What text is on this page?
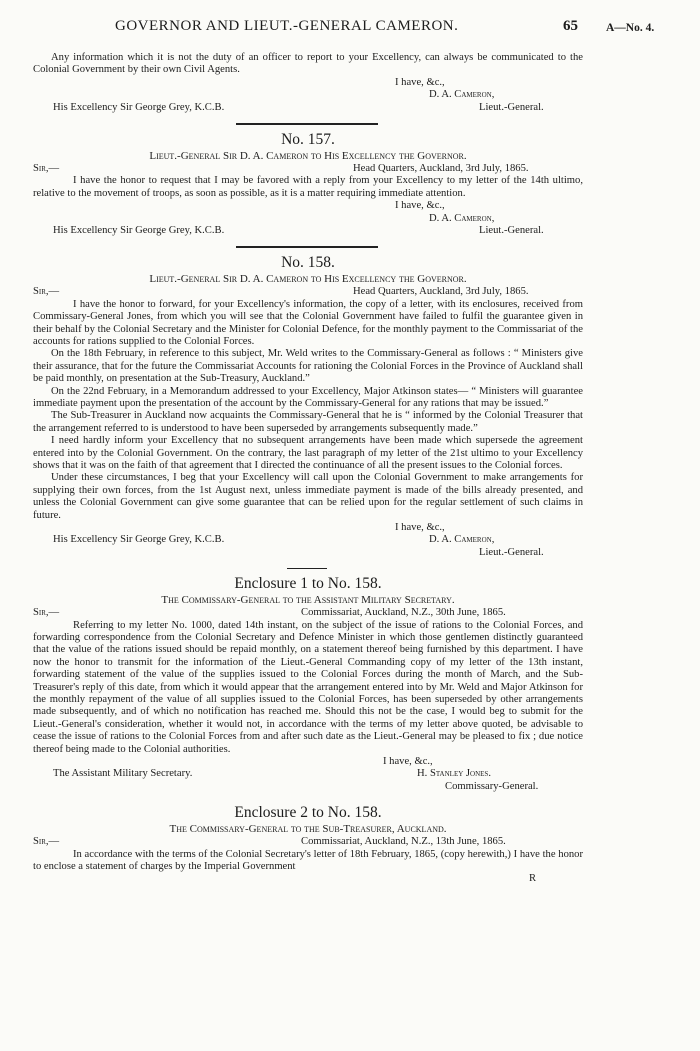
GOVERNOR AND LIEUT.-GENERAL CAMERON.	65 A—No. 4.

Any information which it is not the duty of an officer to report to your Excellency, can always be communicated to the Colonial Government by their own Civil Agents.

I have, &c.,
D. A. Cameron,
His Excellency Sir George Grey, K.C.B.	Lieut.-General.
No. 157.
Lieut.-General Sir D. A. Cameron to His Excellency the Governor.
Sir,—	Head Quarters, Auckland, 3rd July, 1865.

I have the honor to request that I may be favored with a reply from your Excellency to my letter of the 14th ultimo, relative to the movement of troops, as soon as possible, as it is a matter requiring immediate attention.

I have, &c.,
D. A. Cameron,
His Excellency Sir George Grey, K.C.B.	Lieut.-General.
No. 158.
Lieut.-General Sir D. A. Cameron to His Excellency the Governor.
Sir,—	Head Quarters, Auckland, 3rd July, 1865.

I have the honor to forward, for your Excellency's information, the copy of a letter, with its enclosures, received from Commissary-General Jones, from which you will see that the Colonial Government have failed to fulfil the guarantee given in their behalf by the Colonial Secretary and the Minister for Colonial Defence, for the monthly payment to the Commissariat of the accounts for rations supplied to the Colonial Forces.

On the 18th February, in reference to this subject, Mr. Weld writes to the Commissary-General as follows : “ Ministers give their assurance, that for the future the Commissariat Accounts for rationing the Colonial Forces in the Province of Auckland shall be paid monthly, on presentation at the Sub-Treasury, Auckland.”

On the 22nd February, in a Memorandum addressed to your Excellency, Major Atkinson states— “ Ministers will guarantee immediate payment upon the presentation of the account by the Commissary-General for any rations that may be issued.”

The Sub-Treasurer in Auckland now acquaints the Commissary-General that he is “ informed by the Colonial Treasurer that the arrangement referred to is understood to have been superseded by arrangements subsequently made.”

I need hardly inform your Excellency that no subsequent arrangements have been made which supersede the agreement entered into by the Colonial Government. On the contrary, the last paragraph of my letter of the 21st ultimo to your Excellency shows that it was on the faith of that agreement that I directed the continuance of all the present issues to the Colonial forces.

Under these circumstances, I beg that your Excellency will call upon the Colonial Government to make arrangements for supplying their own forces, from the 1st August next, unless immediate payment is made of the bills already presented, and unless the Colonial Government can give some guarantee that can be relied upon for the regular settlement of such claims in future.

I have, &c.,
His Excellency Sir George Grey, K.C.B.	D. A. Cameron,
Lieut.-General.
Enclosure 1 to No. 158.
The Commissary-General to the Assistant Military Secretary.
Sir,—	Commissariat, Auckland, N.Z., 30th June, 1865.

Referring to my letter No. 1000, dated 14th instant, on the subject of the issue of rations to the Colonial Forces, and forwarding correspondence from the Colonial Secretary and Defence Minister in which those gentlemen distinctly guaranteed that the value of the rations issued should be repaid monthly, on a statement thereof being furnished by this department. I have now the honor to transmit for the information of the Lieut.-General Commanding copy of my letter of the 13th instant, forwarding statement of the value of the supplies issued to the Colonial Forces during the month of March, and the Sub-Treasurer's reply of this date, from which it would appear that the arrangement entered into by Mr. Weld and Major Atkinson for the monthly repayment of the value of all supplies issued to the Colonial Forces, has been superseded by other arrangements made subsequently, and of which no notification has reached me. Should this not be the case, I would beg to submit for the Lieut.-General's consideration, whether it would not, in accordance with the terms of my letter above quoted, be advisable to cease the issue of rations to the Colonial Forces from and after such date as the Lieut.-General may be pleased to fix ; due notice thereof being made to the Colonial authorities.

I have, &c.,
The Assistant Military Secretary.	H. Stanley Jones.
Commissary-General.
Enclosure 2 to No. 158.
The Commissary-General to the Sub-Treasurer, Auckland.
Sir,—	Commissariat, Auckland, N.Z., 13th June, 1865.

In accordance with the terms of the Colonial Secretary's letter of 18th February, 1865, (copy herewith,) I have the honor to enclose a statement of charges by the Imperial Government

R
